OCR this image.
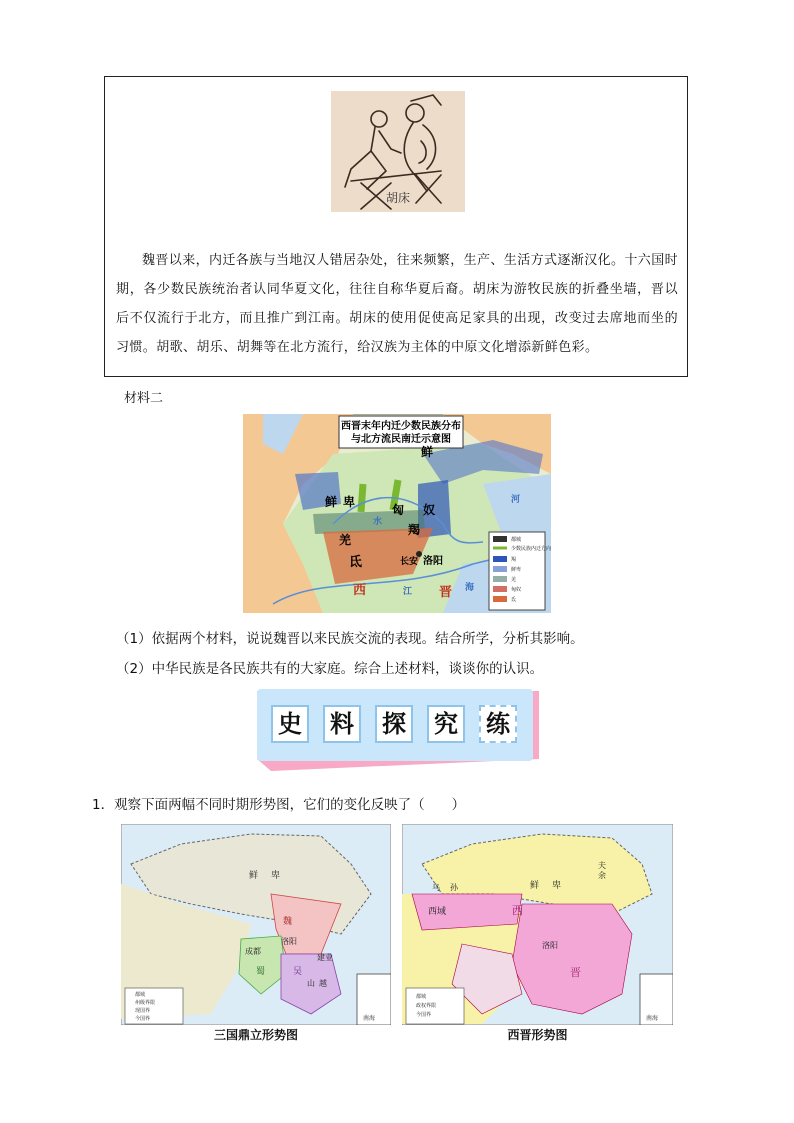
胡床
魏晋以来，内迁各族与当地汉人错居杂处，往来频繁，生产、生活方式逐渐汉化。十六国时期，各少数民族统治者认同华夏文化，往往自称华夏后裔。胡床为游牧民族的折叠坐墙，晋以后不仅流行于北方，而且推广到江南。胡床的使用促使高足家具的出现，改变过去席地而坐的习惯。胡歌、胡乐、胡舞等在北方流行，给汉族为主体的中原文化增添新鲜色彩。
材料二
西晋末年内迁少数民族分布
与北方流民南迁示意图
鲜
鲜 卑
匈 奴
羯
羌
氐
西	晋
长安 洛阳
江	海
河
水
都城
少数民族内迁方向
羯
鲜卑
羌
匈奴
氐
（1）依据两个材料，说说魏晋以来民族交流的表现。结合所学，分析其影响。
（2）中华民族是各民族共有的大家庭。综合上述材料，谈谈你的认识。
史 料 探 究 练
1．观察下面两幅不同时期形势图，它们的变化反映了（　　）
鲜 卑
魏
洛阳
成都
蜀	吴
建业
山 越
南海
都城
州级界限
现国界
今国界
三国鼎立形势图
乌 孙	鲜 卑
夫
余
西域	西
洛阳
晋
南海
都城
政权界限
今国界
西晋形势图
